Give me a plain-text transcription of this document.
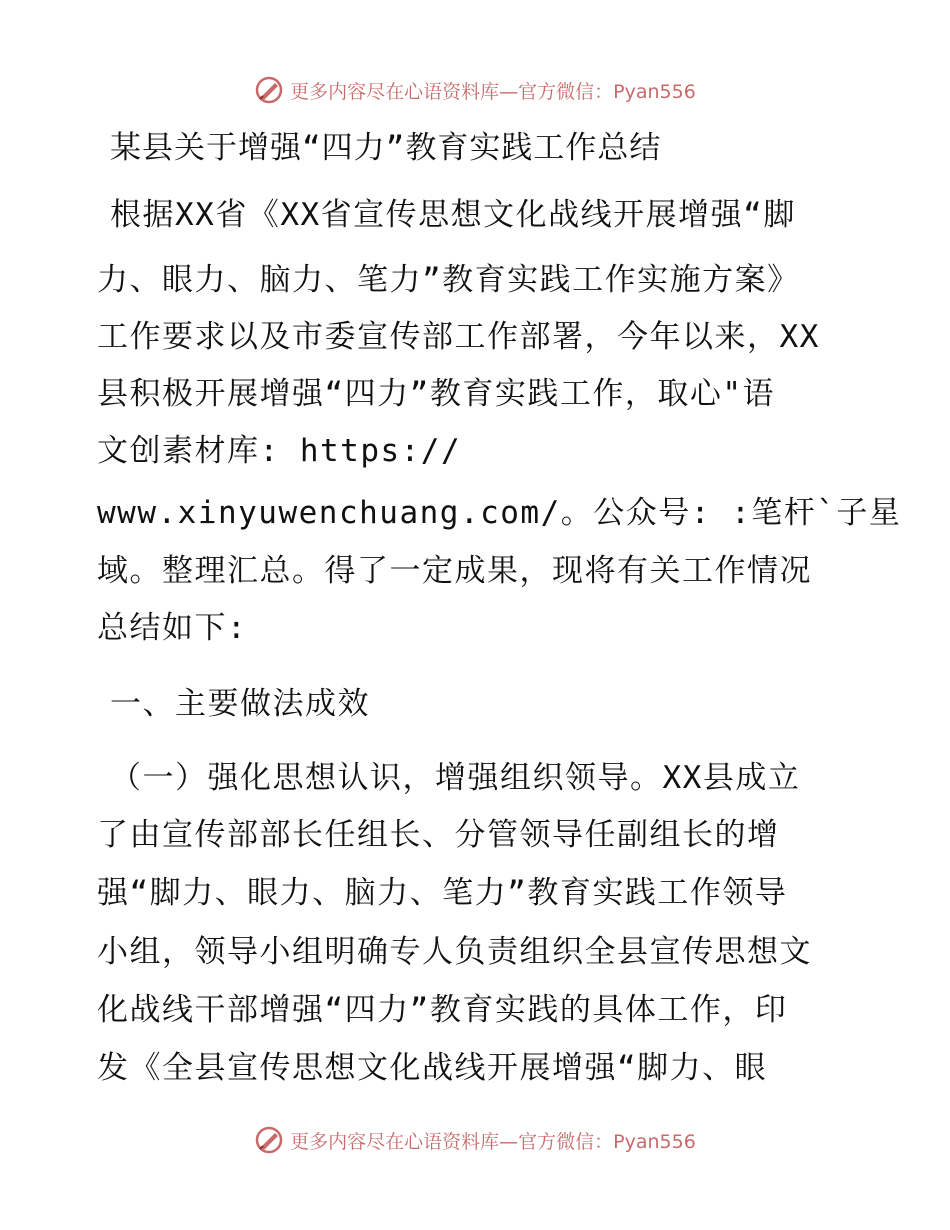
更多内容尽在心语资料库 —官方微信：Pyan556
某县关于增强“四力”教育实践工作总结
根据XX省《XX省宣传思想文化战线开展增强“脚
力、眼力、脑力、笔力”教育实践工作实施方案》
工作要求以及市委宣传部工作部署，今年以来，XX
县积极开展增强“四力”教育实践工作，取心"语
文创素材库: https://
www.xinyuwenchuang.com/。公众号: :笔杆`子星
域。整理汇总。得了一定成果，现将有关工作情况
总结如下:
一、主要做法成效
（一）强化思想认识，增强组织领导。XX县成立
了由宣传部部长任组长、分管领导任副组长的增
强“脚力、眼力、脑力、笔力”教育实践工作领导
小组，领导小组明确专人负责组织全县宣传思想文
化战线干部增强“四力”教育实践的具体工作，印
发《全县宣传思想文化战线开展增强“脚力、眼
更多内容尽在心语资料库 —官方微信：Pyan556
